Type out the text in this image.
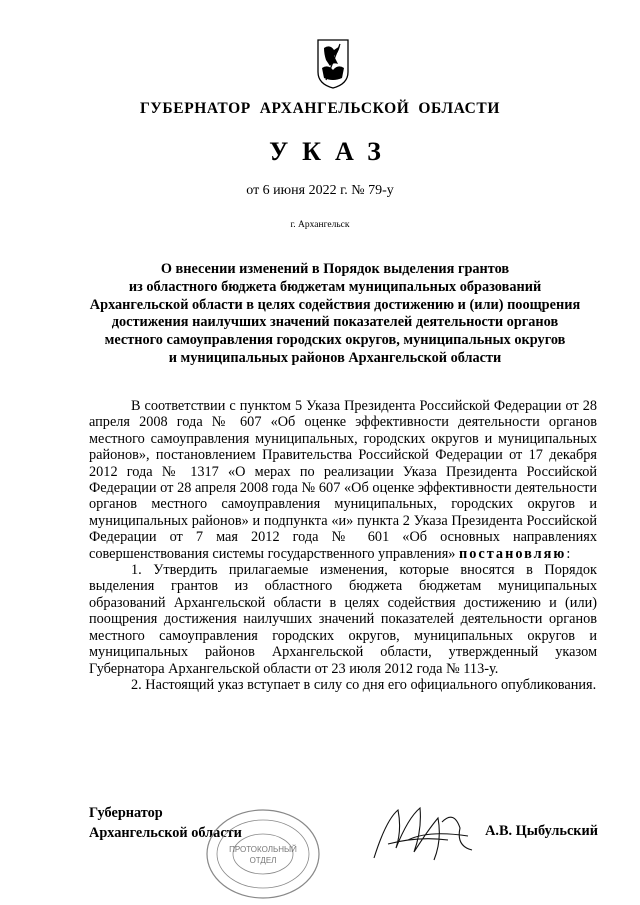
ГУБЕРНАТОР  АРХАНГЕЛЬСКОЙ  ОБЛАСТИ
УКАЗ
от 6 июня 2022 г. № 79-у
г. Архангельск
О внесении изменений в Порядок выделения грантов
из областного бюджета бюджетам муниципальных образований
Архангельской области в целях содействия достижению и (или) поощрения
достижения наилучших значений показателей деятельности органов
местного самоуправления городских округов, муниципальных округов
и муниципальных районов Архангельской области

В соответствии с пунктом 5 Указа Президента Российской Федерации от 28 апреля 2008 года № 607 «Об оценке эффективности деятельности органов местного самоуправления муниципальных, городских округов и муниципальных районов», постановлением Правительства Российской Федерации от 17 декабря 2012 года № 1317 «О мерах по реализации Указа Президента Российской Федерации от 28 апреля 2008 года № 607 «Об оценке эффективности деятельности органов местного самоуправления муниципальных, городских округов и муниципальных районов» и подпункта «и» пункта 2 Указа Президента Российской Федерации от 7 мая 2012 года № 601 «Об основных направлениях совершенствования системы государственного управления» постановляю:

1. Утвердить прилагаемые изменения, которые вносятся в Порядок выделения грантов из областного бюджета бюджетам муниципальных образований Архангельской области в целях содействия достижению и (или) поощрения достижения наилучших значений показателей деятельности органов местного самоуправления городских округов, муниципальных округов и муниципальных районов Архангельской области, утвержденный указом Губернатора Архангельской области от 23 июля 2012 года № 113-у.

2. Настоящий указ вступает в силу со дня его официального опубликования.

Губернатор
Архангельской области
ПРОТОКОЛЬНЫЙ
ОТДЕЛ
А.В. Цыбульский
